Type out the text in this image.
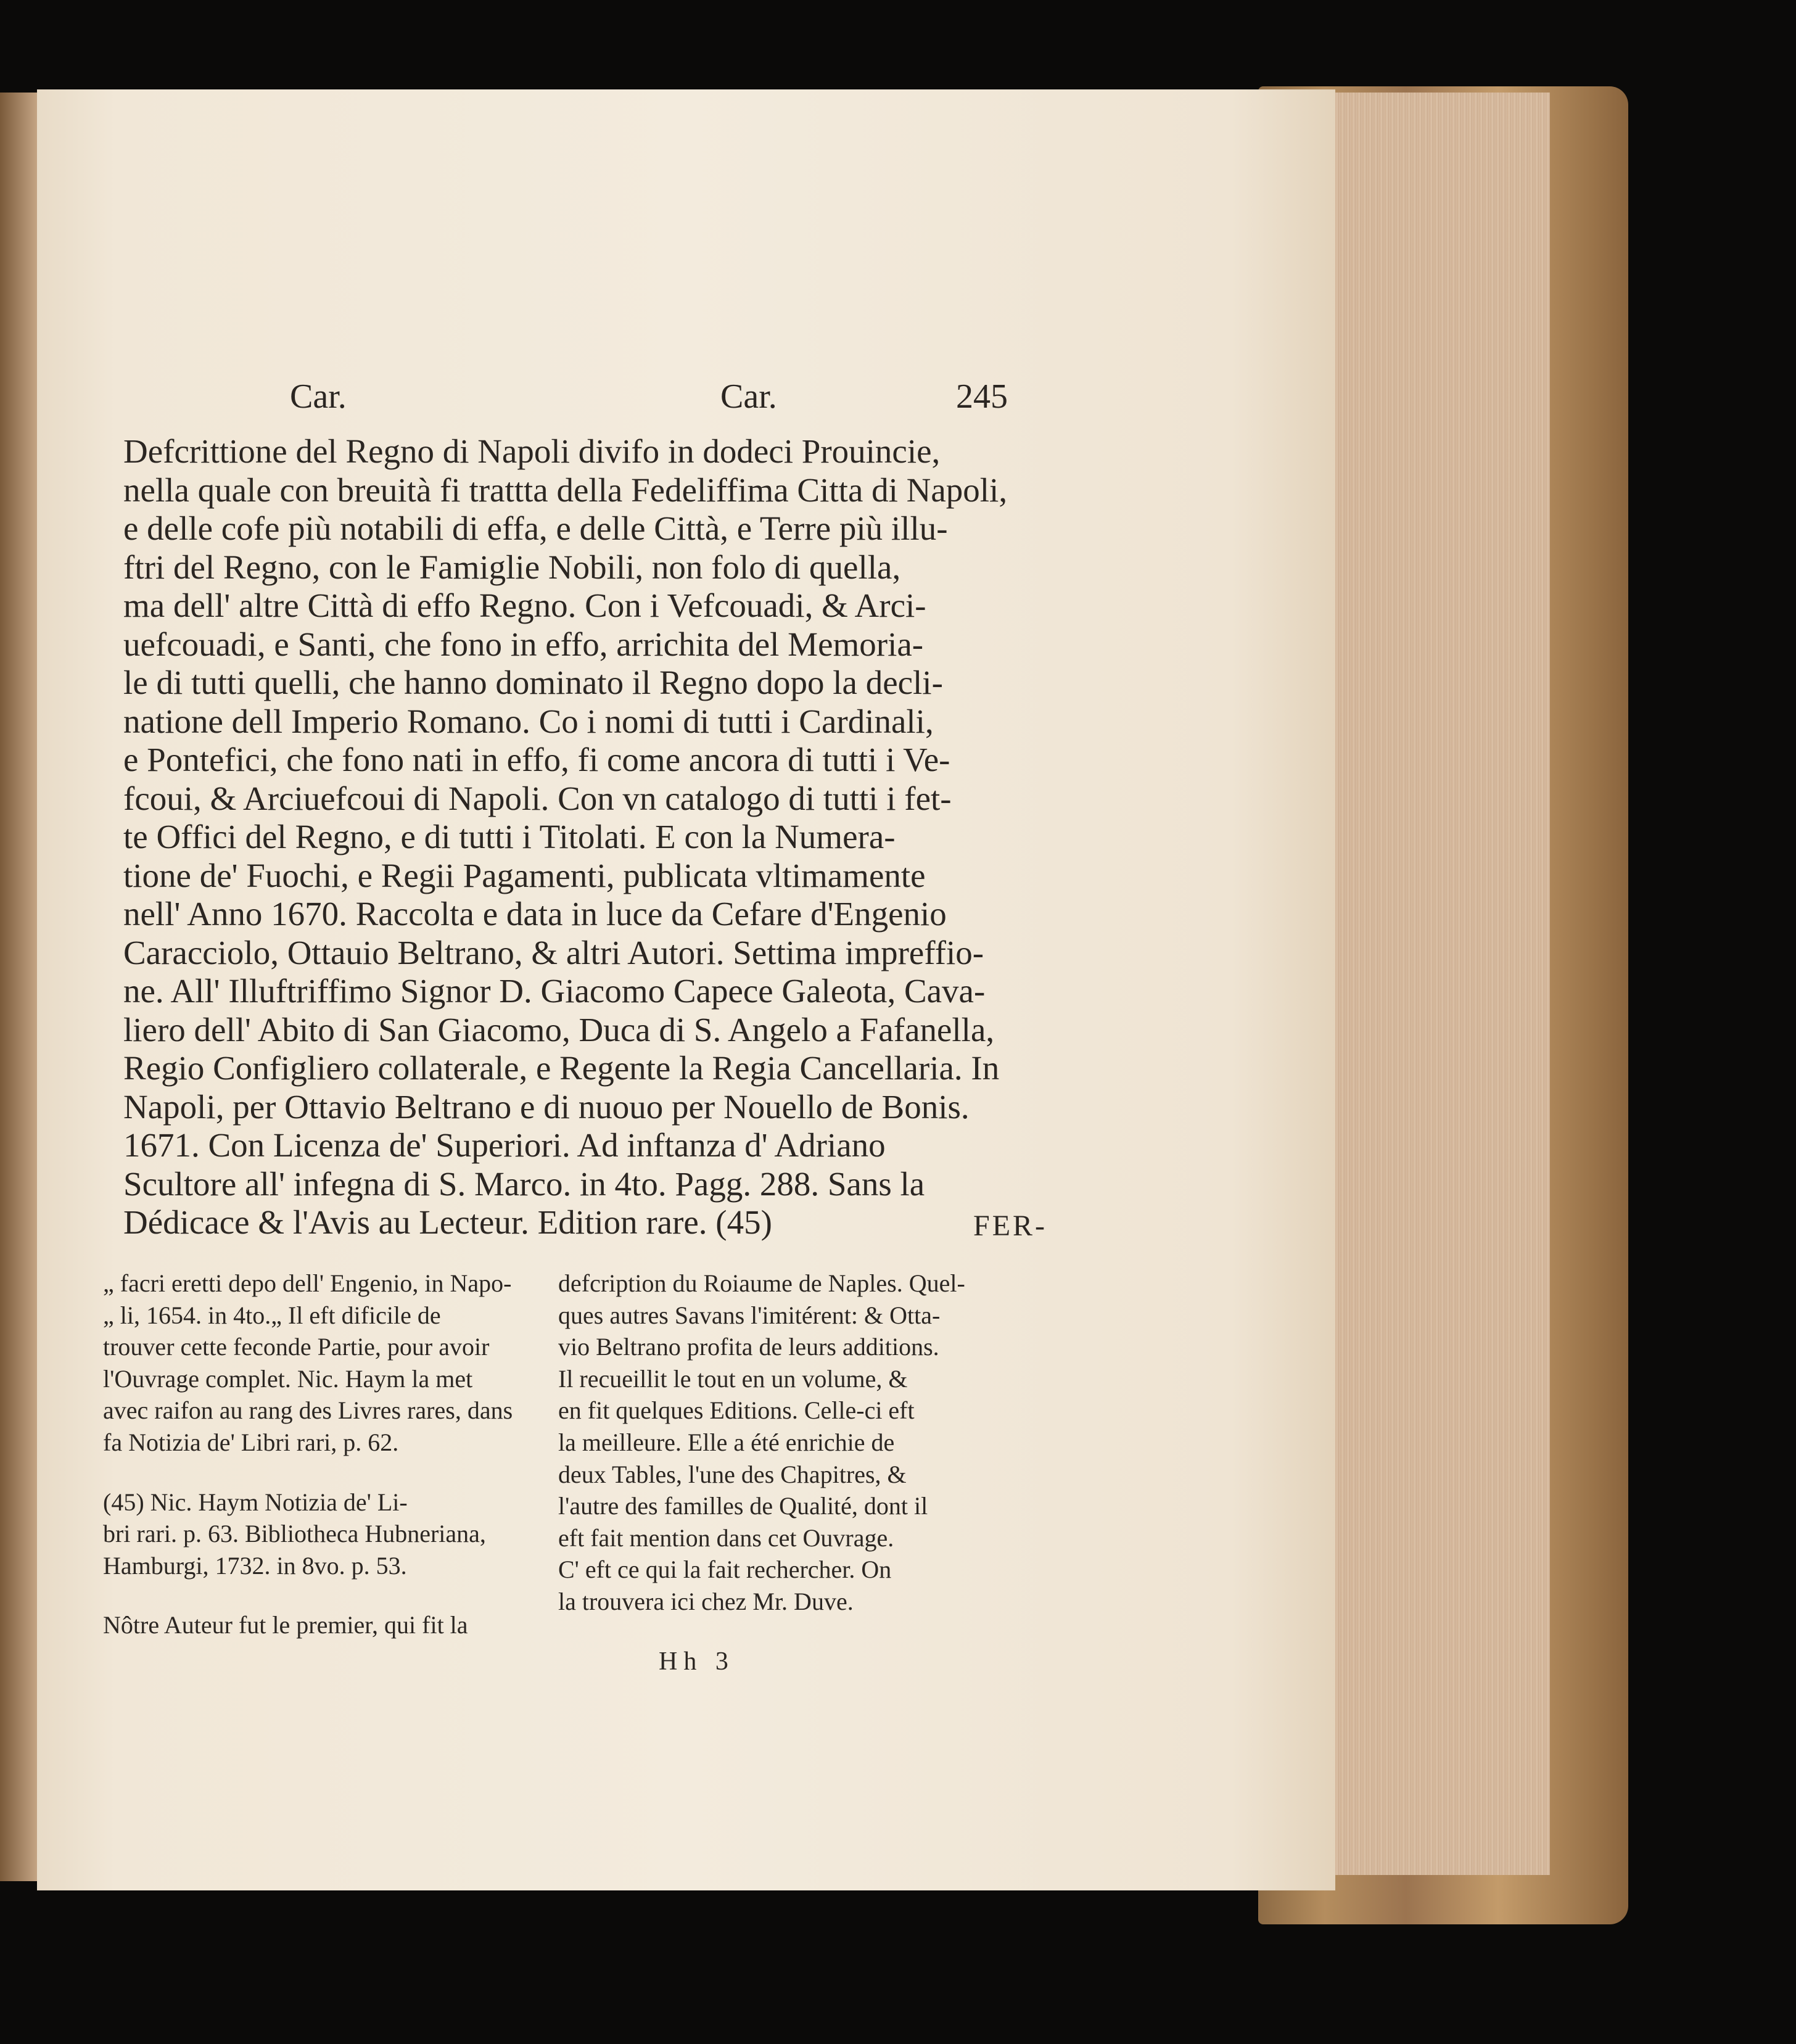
Car.	Car.	245
Defcrittione del Regno di Napoli divifo in dodeci Prouincie,
nella quale con breuità fi trattta della Fedeliffima Citta di Napoli,
e delle cofe più notabili di effa, e delle Città, e Terre più illu-
ftri del Regno, con le Famiglie Nobili, non folo di quella,
ma dell' altre Città di effo Regno. Con i Vefcouadi, & Arci-
uefcouadi, e Santi, che fono in effo, arrichita del Memoria-
le di tutti quelli, che hanno dominato il Regno dopo la decli-
natione dell Imperio Romano. Co i nomi di tutti i Cardinali,
e Pontefici, che fono nati in effo, fi come ancora di tutti i Ve-
fcoui, & Arciuefcoui di Napoli. Con vn catalogo di tutti i fet-
te Offici del Regno, e di tutti i Titolati. E con la Numera-
tione de' Fuochi, e Regii Pagamenti, publicata vltimamente
nell' Anno 1670. Raccolta e data in luce da Cefare d'Engenio
Caracciolo, Ottauio Beltrano, & altri Autori. Settima impreffio-
ne. All' Illuftriffimo Signor D. Giacomo Capece Galeota, Cava-
liero dell' Abito di San Giacomo, Duca di S. Angelo a Fafanella,
Regio Configliero collaterale, e Regente la Regia Cancellaria. In
Napoli, per Ottavio Beltrano e di nuouo per Nouello de Bonis.
1671. Con Licenza de' Superiori. Ad inftanza d' Adriano
Scultore all' infegna di S. Marco. in 4to. Pagg. 288. Sans la
Dédicace & l'Avis au Lecteur. Edition rare. (45)	FER-
„ facri eretti depo dell' Engenio, in Napo-
„ li, 1654. in 4to.„ Il eft dificile de
trouver cette feconde Partie, pour avoir
l'Ouvrage complet. Nic. Haym la met
avec raifon au rang des Livres rares, dans
fa Notizia de' Libri rari, p. 62.
(45) Nic. Haym Notizia de' Li-
bri rari. p. 63. Bibliotheca Hubneriana,
Hamburgi, 1732. in 8vo. p. 53.
Nôtre Auteur fut le premier, qui fit la
defcription du Roiaume de Naples. Quel-
ques autres Savans l'imitérent: & Otta-
vio Beltrano profita de leurs additions.
Il recueillit le tout en un volume, &
en fit quelques Editions. Celle-ci eft
la meilleure. Elle a été enrichie de
deux Tables, l'une des Chapitres, &
l'autre des familles de Qualité, dont il
eft fait mention dans cet Ouvrage.
C' eft ce qui la fait rechercher. On
la trouvera ici chez Mr. Duve.
Hh 3
